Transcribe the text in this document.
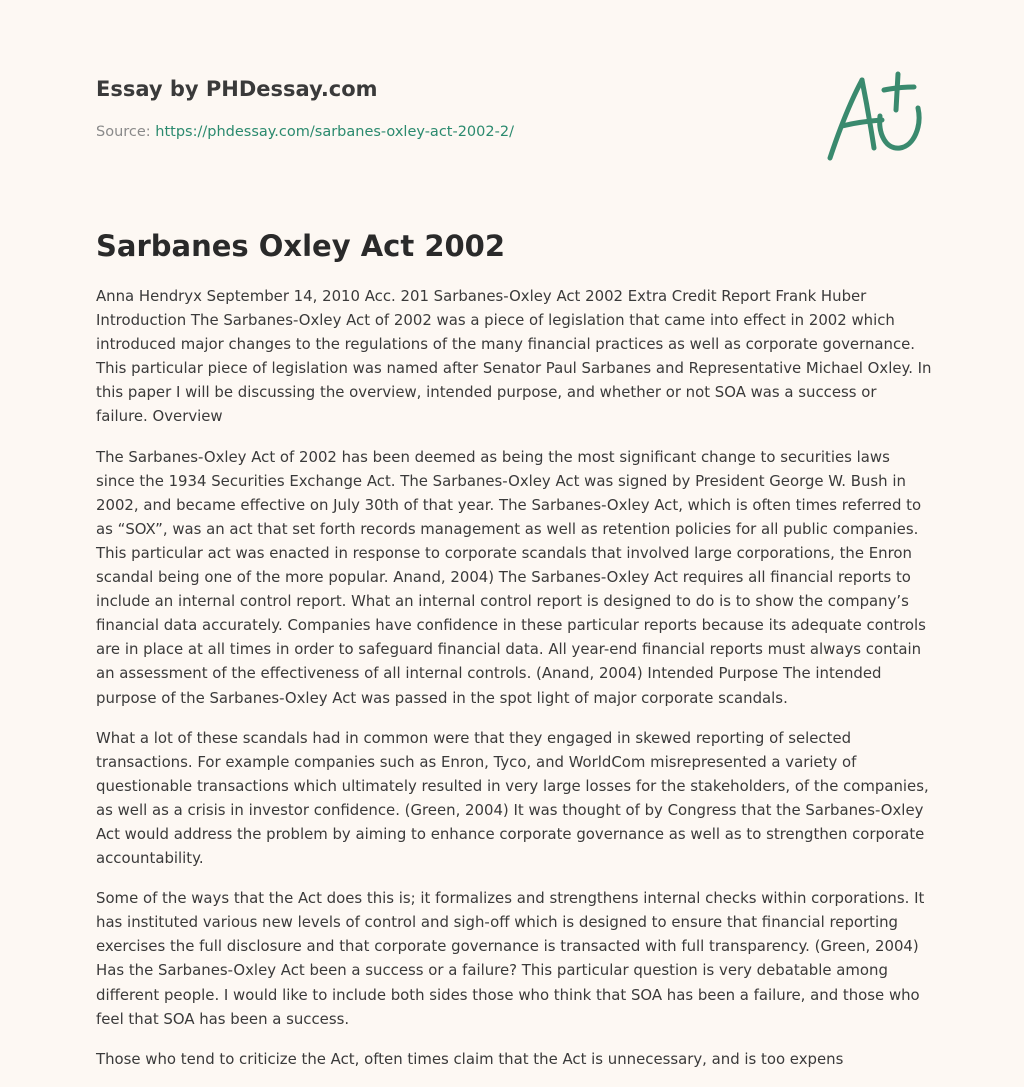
Essay by PHDessay.com
Source: https://phdessay.com/sarbanes-oxley-act-2002-2/
Sarbanes Oxley Act 2002

Anna Hendryx September 14, 2010 Acc. 201 Sarbanes-Oxley Act 2002 Extra Credit Report Frank Huber Introduction The Sarbanes-Oxley Act of 2002 was a piece of legislation that came into effect in 2002 which introduced major changes to the regulations of the many financial practices as well as corporate governance. This particular piece of legislation was named after Senator Paul Sarbanes and Representative Michael Oxley. In this paper I will be discussing the overview, intended purpose, and whether or not SOA was a success or failure. Overview

The Sarbanes-Oxley Act of 2002 has been deemed as being the most significant change to securities laws since the 1934 Securities Exchange Act. The Sarbanes-Oxley Act was signed by President George W. Bush in 2002, and became effective on July 30th of that year. The Sarbanes-Oxley Act, which is often times referred to as “SOX”, was an act that set forth records management as well as retention policies for all public companies. This particular act was enacted in response to corporate scandals that involved large corporations, the Enron scandal being one of the more popular. Anand, 2004) The Sarbanes-Oxley Act requires all financial reports to include an internal control report. What an internal control report is designed to do is to show the company’s financial data accurately. Companies have confidence in these particular reports because its adequate controls are in place at all times in order to safeguard financial data. All year-end financial reports must always contain an assessment of the effectiveness of all internal controls. (Anand, 2004) Intended Purpose The intended purpose of the Sarbanes-Oxley Act was passed in the spot light of major corporate scandals.

What a lot of these scandals had in common were that they engaged in skewed reporting of selected transactions. For example companies such as Enron, Tyco, and WorldCom misrepresented a variety of questionable transactions which ultimately resulted in very large losses for the stakeholders, of the companies, as well as a crisis in investor confidence. (Green, 2004) It was thought of by Congress that the Sarbanes-Oxley Act would address the problem by aiming to enhance corporate governance as well as to strengthen corporate accountability.

Some of the ways that the Act does this is; it formalizes and strengthens internal checks within corporations. It has instituted various new levels of control and sigh-off which is designed to ensure that financial reporting exercises the full disclosure and that corporate governance is transacted with full transparency. (Green, 2004) Has the Sarbanes-Oxley Act been a success or a failure? This particular question is very debatable among different people. I would like to include both sides those who think that SOA has been a failure, and those who feel that SOA has been a success.

Those who tend to criticize the Act, often times claim that the Act is unnecessary, and is too expens
